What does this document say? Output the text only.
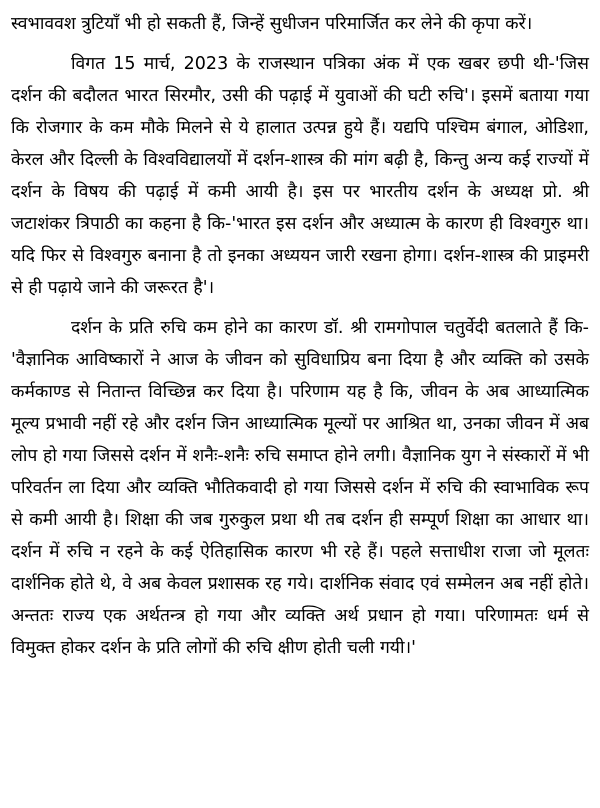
स्वभाववश त्रुटियाँ भी हो सकती हैं, जिन्हें सुधीजन परिमार्जित कर लेने की कृपा करें।

विगत 15 मार्च, 2023 के राजस्थान पत्रिका अंक में एक खबर छपी थी-'जिस दर्शन की बदौलत भारत सिरमौर, उसी की पढ़ाई में युवाओं की घटी रुचि'। इसमें बताया गया कि रोजगार के कम मौके मिलने से ये हालात उत्पन्न हुये हैं। यद्यपि पश्चिम बंगाल, ओडिशा, केरल और दिल्ली के विश्वविद्यालयों में दर्शन-शास्त्र की मांग बढ़ी है, किन्तु अन्य कई राज्यों में दर्शन के विषय की पढ़ाई में कमी आयी है। इस पर भारतीय दर्शन के अध्यक्ष प्रो. श्री जटाशंकर त्रिपाठी का कहना है कि-'भारत इस दर्शन और अध्यात्म के कारण ही विश्वगुरु था। यदि फिर से विश्वगुरु बनाना है तो इनका अध्ययन जारी रखना होगा। दर्शन-शास्त्र की प्राइमरी से ही पढ़ाये जाने की जरूरत है'।

दर्शन के प्रति रुचि कम होने का कारण डॉ. श्री रामगोपाल चतुर्वेदी बतलाते हैं कि-'वैज्ञानिक आविष्कारों ने आज के जीवन को सुविधाप्रिय बना दिया है और व्यक्ति को उसके कर्मकाण्ड से नितान्त विच्छिन्न कर दिया है। परिणाम यह है कि, जीवन के अब आध्यात्मिक मूल्य प्रभावी नहीं रहे और दर्शन जिन आध्यात्मिक मूल्यों पर आश्रित था, उनका जीवन में अब लोप हो गया जिससे दर्शन में शनैः-शनैः रुचि समाप्त होने लगी। वैज्ञानिक युग ने संस्कारों में भी परिवर्तन ला दिया और व्यक्ति भौतिकवादी हो गया जिससे दर्शन में रुचि की स्वाभाविक रूप से कमी आयी है। शिक्षा की जब गुरुकुल प्रथा थी तब दर्शन ही सम्पूर्ण शिक्षा का आधार था। दर्शन में रुचि न रहने के कई ऐतिहासिक कारण भी रहे हैं। पहले सत्ताधीश राजा जो मूलतः दार्शनिक होते थे, वे अब केवल प्रशासक रह गये। दार्शनिक संवाद एवं सम्मेलन अब नहीं होते। अन्ततः राज्य एक अर्थतन्त्र हो गया और व्यक्ति अर्थ प्रधान हो गया। परिणामतः धर्म से विमुक्त होकर दर्शन के प्रति लोगों की रुचि क्षीण होती चली गयी।'
